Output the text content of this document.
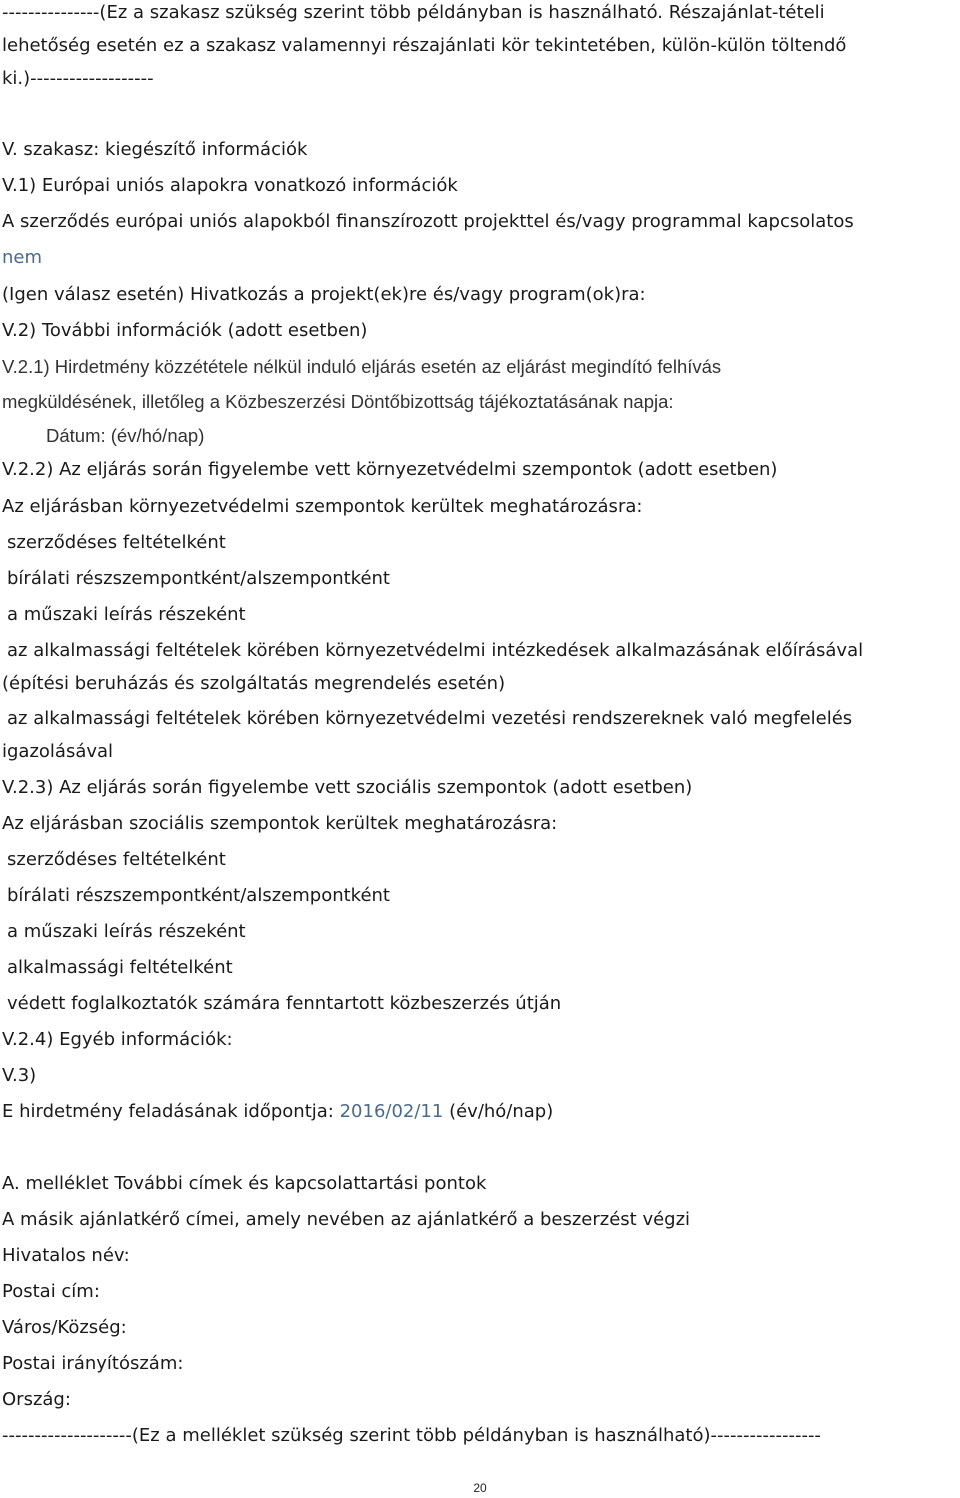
---------------(Ez a szakasz szükség szerint több példányban is használható. Részajánlat-tételi
lehetőség esetén ez a szakasz valamennyi részajánlati kör tekintetében, külön-külön töltendő
ki.)-------------------
V. szakasz: kiegészítő információk
V.1) Európai uniós alapokra vonatkozó információk
A szerződés európai uniós alapokból finanszírozott projekttel és/vagy programmal kapcsolatos
nem
(Igen válasz esetén) Hivatkozás a projekt(ek)re és/vagy program(ok)ra:
V.2) További információk (adott esetben)
V.2.1) Hirdetmény közzététele nélkül induló eljárás esetén az eljárást megindító felhívás
megküldésének, illetőleg a Közbeszerzési Döntőbizottság tájékoztatásának napja:
Dátum: (év/hó/nap)
V.2.2) Az eljárás során figyelembe vett környezetvédelmi szempontok (adott esetben)
Az eljárásban környezetvédelmi szempontok kerültek meghatározásra:
szerződéses feltételként
bírálati részszempontként/alszempontként
a műszaki leírás részeként
az alkalmassági feltételek körében környezetvédelmi intézkedések alkalmazásának előírásával
(építési beruházás és szolgáltatás megrendelés esetén)
az alkalmassági feltételek körében környezetvédelmi vezetési rendszereknek való megfelelés
igazolásával
V.2.3) Az eljárás során figyelembe vett szociális szempontok (adott esetben)
Az eljárásban szociális szempontok kerültek meghatározásra:
szerződéses feltételként
bírálati részszempontként/alszempontként
a műszaki leírás részeként
alkalmassági feltételként
védett foglalkoztatók számára fenntartott közbeszerzés útján
V.2.4) Egyéb információk:
V.3)
E hirdetmény feladásának időpontja: 2016/02/11 (év/hó/nap)
A. melléklet További címek és kapcsolattartási pontok
A másik ajánlatkérő címei, amely nevében az ajánlatkérő a beszerzést végzi
Hivatalos név:
Postai cím:
Város/Község:
Postai irányítószám:
Ország:
--------------------(Ez a melléklet szükség szerint több példányban is használható)-----------------
20
